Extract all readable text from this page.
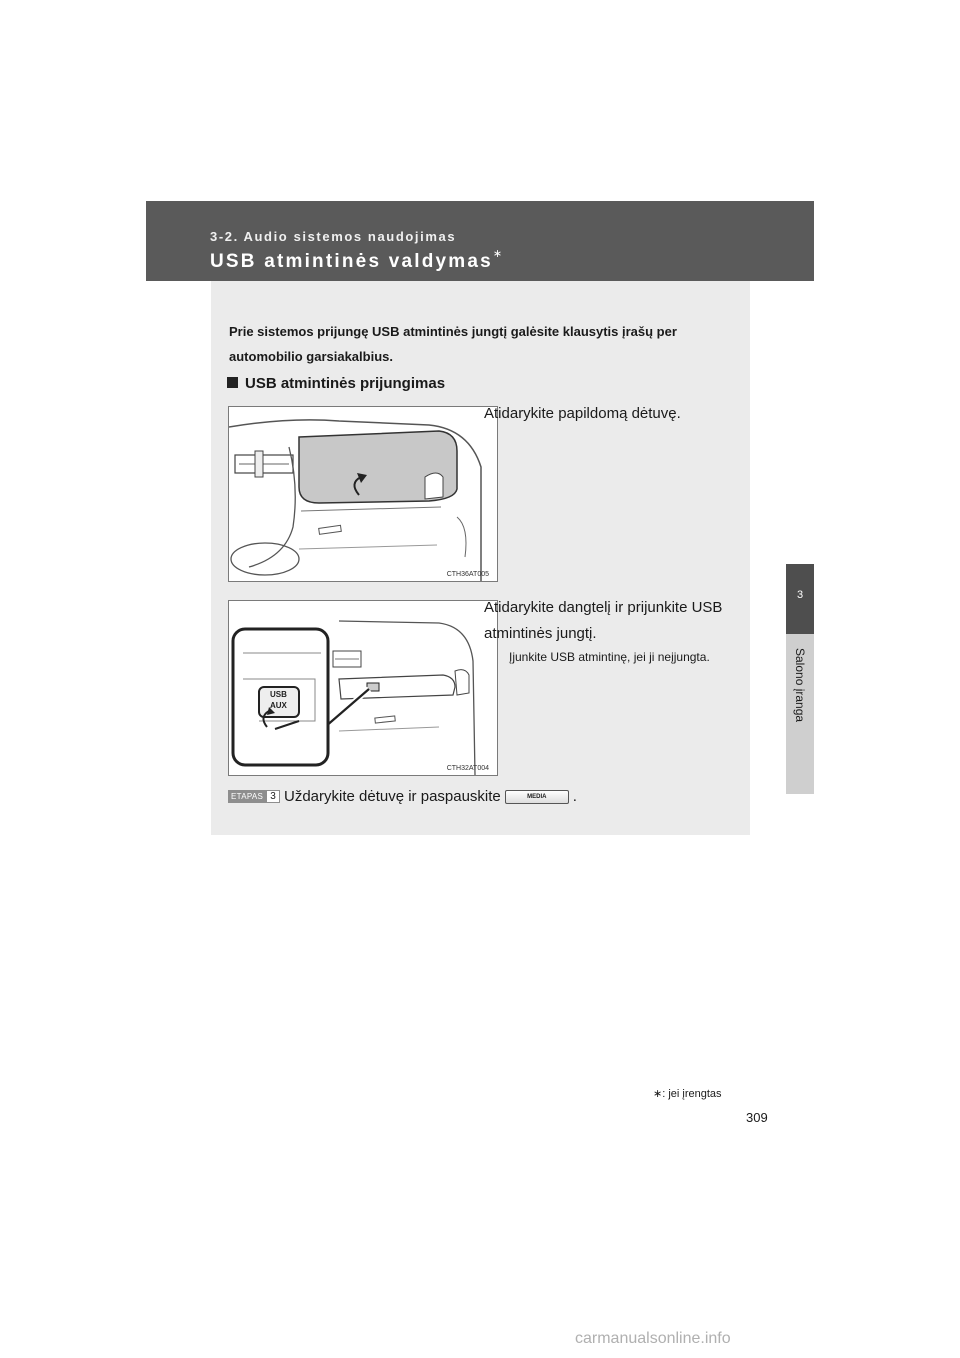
3-2. Audio sistemos naudojimas
USB atmintinės valdymas∗
3
Salono įranga
Prie sistemos prijungę USB atmintinės jungtį galėsite klausytis įrašų per automobilio garsiakalbius.
USB atmintinės prijungimas
CTH36AT005
Atidarykite papildomą dėtuvę.
USB
AUX
CTH32AT004
Atidarykite dangtelį ir prijunkite USB atmintinės jungtį.
Įjunkite USB atmintinę, jei ji neįjungta.
ETAPAS 3 Uždarykite dėtuvę ir paspauskite	MEDIA .
∗: jei įrengtas
309
carmanualsonline.info
